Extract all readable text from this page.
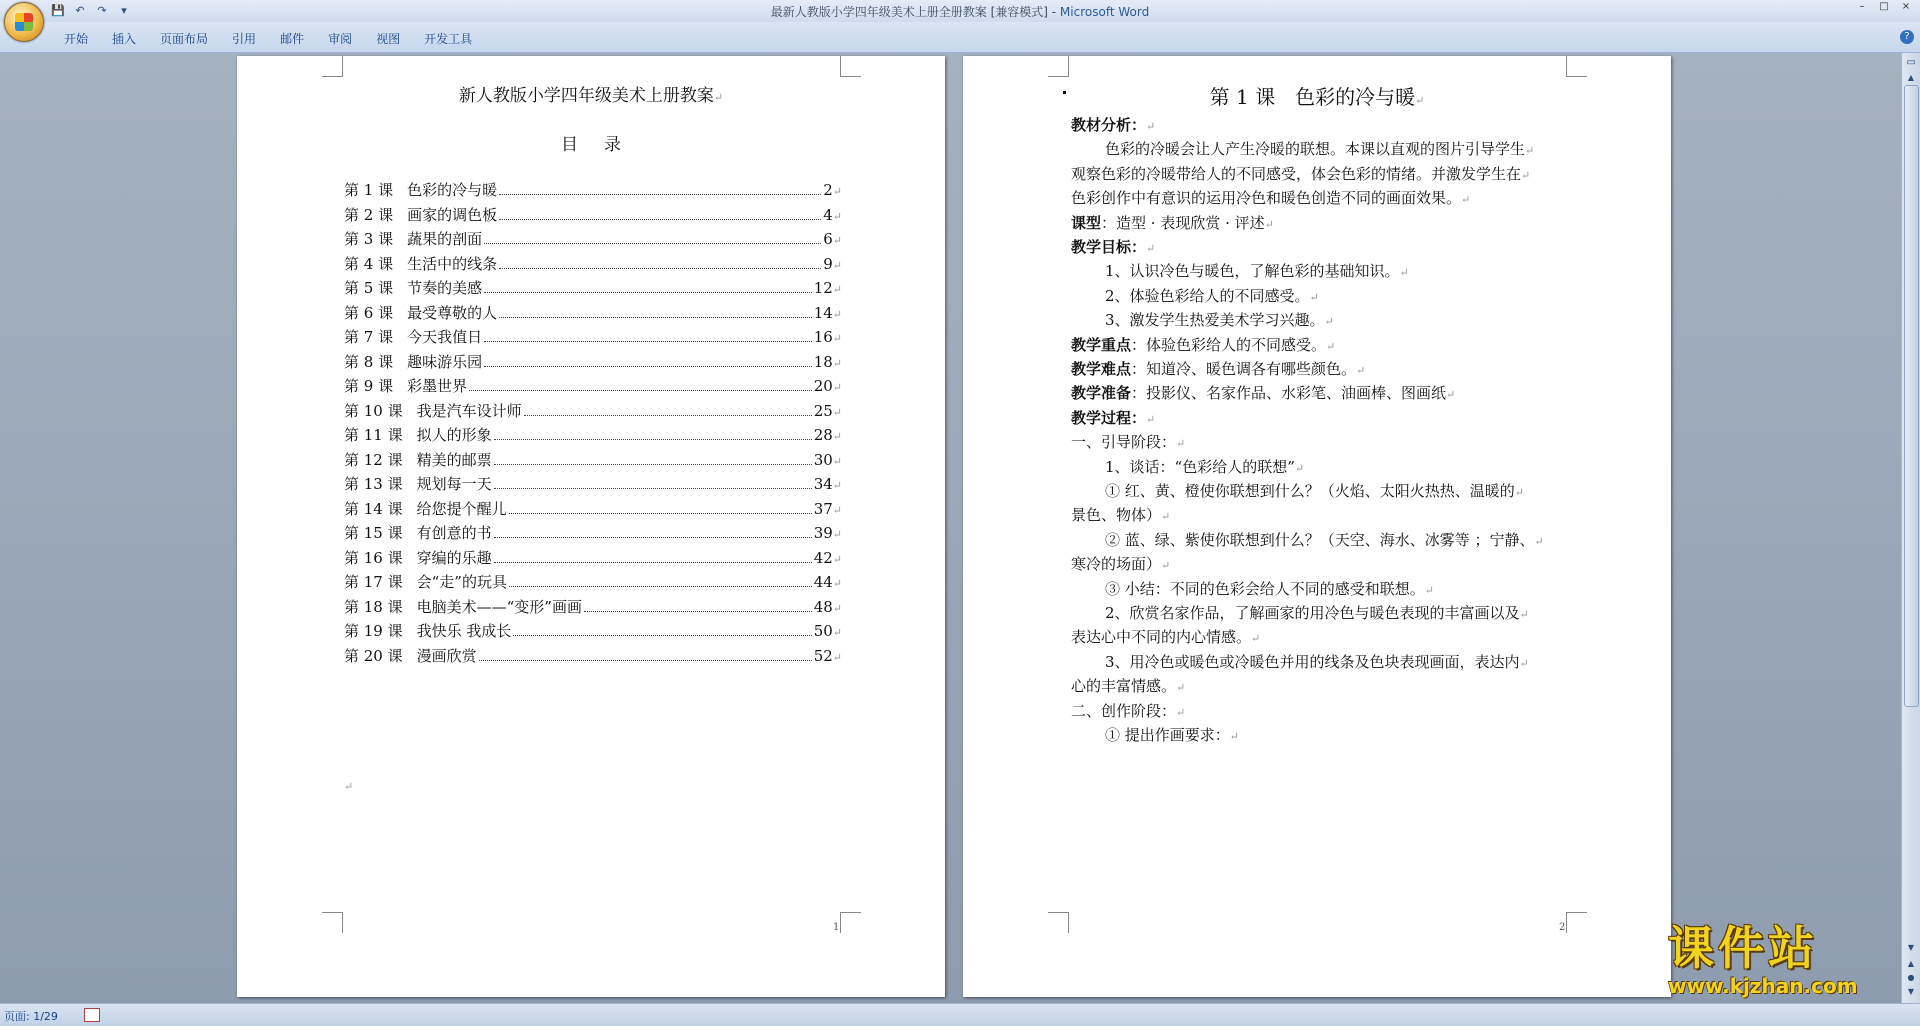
💾 ↶	↷	▾	最新人教版小学四年级美术上册全册教案 [兼容模式] - Microsoft Word	–	□	×
开始	插入	页面布局	引用	邮件	审阅	视图	开发工具	?
新人教版小学四年级美术上册教案↵
目录
第 1 课 色彩的冷与暖	2 ↵
第 2 课 画家的调色板	4 ↵
第 3 课 蔬果的剖面	6 ↵
第 4 课 生活中的线条	9 ↵
第 5 课 节奏的美感	12 ↵
第 6 课 最受尊敬的人	14 ↵
第 7 课 今天我值日	16 ↵
第 8 课 趣味游乐园	18 ↵
第 9 课 彩墨世界	20 ↵
第 10 课 我是汽车设计师	25 ↵
第 11 课 拟人的形象	28 ↵
第 12 课 精美的邮票	30 ↵
第 13 课 规划每一天	34 ↵
第 14 课 给您提个醒儿	37 ↵
第 15 课 有创意的书	39 ↵
第 16 课 穿编的乐趣	42 ↵
第 17 课 会“走”的玩具	44 ↵
第 18 课 电脑美术——“变形”画画	48 ↵
第 19 课 我快乐 我成长	50 ↵
第 20 课 漫画欣赏	52 ↵
↵
1
第 1 课　色彩的冷与暖↵
教材分析：↵
色彩的冷暖会让人产生冷暖的联想。本课以直观的图片引导学生↵
观察色彩的冷暖带给人的不同感受，体会色彩的情绪。并激发学生在↵
色彩创作中有意识的运用冷色和暖色创造不同的画面效果。↵
课型：造型 · 表现欣赏 · 评述↵
教学目标：↵
1、认识冷色与暖色，了解色彩的基础知识。↵
2、体验色彩给人的不同感受。↵
3、激发学生热爱美术学习兴趣。↵
教学重点：体验色彩给人的不同感受。↵
教学难点：知道冷、暖色调各有哪些颜色。↵
教学准备：投影仪、名家作品、水彩笔、油画棒、图画纸↵
教学过程：↵
一、引导阶段：↵
1、谈话：“色彩给人的联想”↵
① 红、黄、橙使你联想到什么？（火焰、太阳火热热、温暖的↵
景色、物体）↵
② 蓝、绿、紫使你联想到什么？（天空、海水、冰雾等 ；宁静、↵
寒冷的场面）↵
③ 小结：不同的色彩会给人不同的感受和联想。↵
2、欣赏名家作品，了解画家的用冷色与暖色表现的丰富画以及↵
表达心中不同的内心情感。↵
3、用冷色或暖色或冷暖色并用的线条及色块表现画面，表达内↵
心的丰富情感。↵
二、创作阶段：↵
① 提出作画要求：↵
2
▭
▲
▼
▲
●
▼
页面: 1/29
课件站
www.kjzhan.com
